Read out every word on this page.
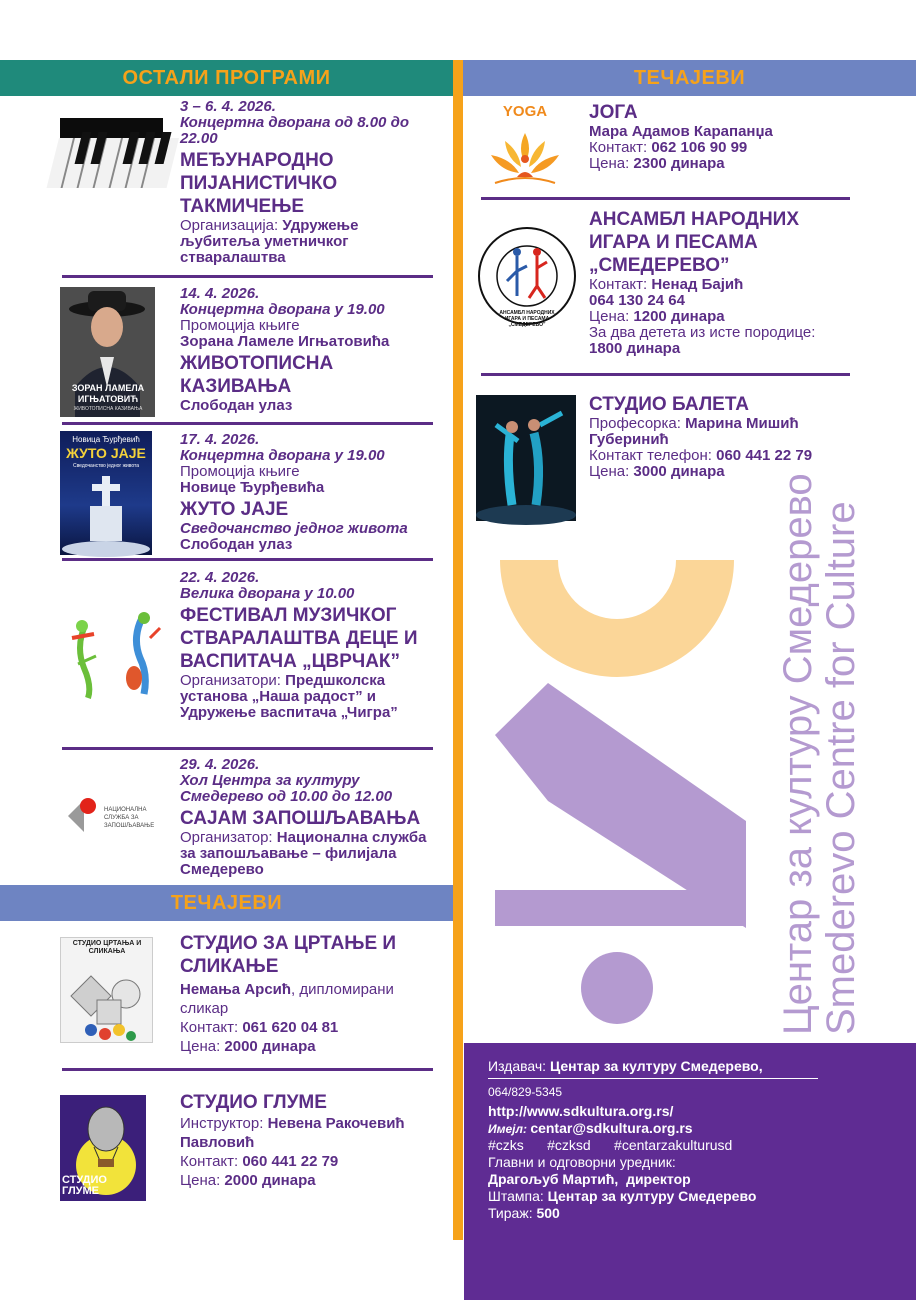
ОСТАЛИ ПРОГРАМИ	ТЕЧАЈЕВИ
3 – 6. 4. 2026.
Концертна дворана од 8.00 до 22.00
МЕЂУНАРОДНО ПИЈАНИСТИЧКО ТАКМИЧЕЊЕ
Организација: Удружење љубитеља уметничког стваралаштва
ЗОРАН ЛАМЕЛА ИГЊАТОВИЋ
ЖИВОТОПИСНА КАЗИВАЊА
14. 4. 2026.
Концертна дворана у 19.00
Промоција књиге
Зорана Ламеле Игњатовића
ЖИВОТОПИСНА КАЗИВАЊА
Слободан улаз
Новица Ђурђевић
ЖУТО ЈАЈЕ
Сведочанство једног живота
17. 4. 2026.
Концертна дворана у 19.00
Промоција књиге
Новице Ђурђевића
ЖУТО ЈАЈЕ
Сведочанство једног живота
Слободан улаз
22. 4. 2026.
Велика дворана у 10.00
ФЕСТИВАЛ МУЗИЧКОГ СТВАРАЛАШТВА ДЕЦЕ И ВАСПИТАЧА „ЦВРЧАК”
Организатори: Предшколска установа „Наша радост” и Удружење васпитача „Чигра”
НАЦИОНАЛНА СЛУЖБА ЗА ЗАПОШЉАВАЊЕ
29. 4. 2026.
Хол Центра за културу Смедерево од 10.00 до 12.00
САЈАМ ЗАПОШЉАВАЊА
Организатор: Национална служба за запошљавање – филијала Смедерево
ТЕЧАЈЕВИ
СТУДИО ЦРТАЊА И СЛИКАЊА	СТУДИО ЗА ЦРТАЊЕ И СЛИКАЊЕ
Немања Арсић, дипломирани сликар
Контакт: 061 620 04 81
Цена: 2000 динара
СТУДИО ГЛУМЕ
СТУДИО ГЛУМЕ
Инструктор: Невена Ракочевић Павловић
Контакт: 060 441 22 79
Цена: 2000 динара
YOGA	ЈОГА
Мара Адамов Карапанџа
Контакт: 062 106 90 99
Цена: 2300 динара
АНСАМБЛ НАРОДНИХ ИГАРА И ПЕСАМА „СМЕДЕРЕВО”
АНСАМБЛ НАРОДНИХ ИГАРА И ПЕСАМА „СМЕДЕРЕВО”
Контакт: Ненад Бајић
064 130 24 64
Цена: 1200 динара
За два детета из исте породице:
1800 динара
СТУДИО БАЛЕТА
Професорка: Марина Мишић Губеринић
Контакт телефон: 060 441 22 79
Цена: 3000 динара
Центар за културу Смедерево Smederevo Centre for Culture
Издавач: Центар за културу Смедерево,
064/829-5345
http://www.sdkultura.org.rs/
Имејл: centar@sdkultura.org.rs
#czks      #czksd      #centarzakulturusd
Главни и одговорни уредник:
Драгољуб Мартић,  директор
Штампа: Центар за културу Смедерево
Тираж: 500
